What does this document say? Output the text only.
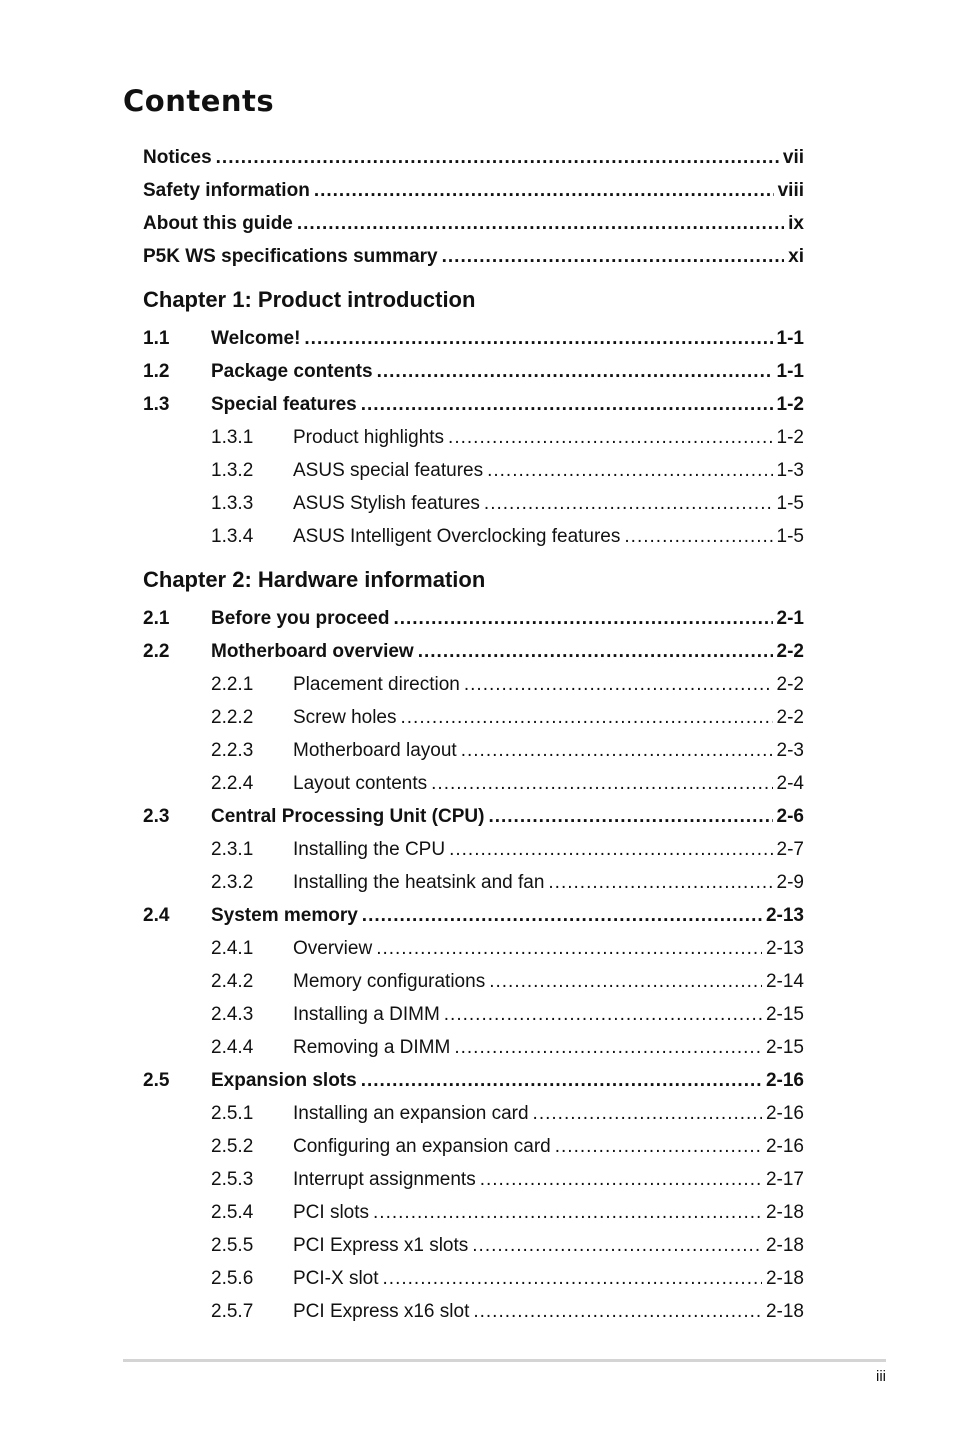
Contents
Notices .....	vii
Safety information .....	viii
About this guide .....	ix
P5K WS specifications summary .....	xi
Chapter 1: Product introduction
1.1	Welcome! .....	1-1
1.2	Package contents .....	1-1
1.3	Special features .....	1-2
1.3.1	Product highlights .....	1-2
1.3.2	ASUS special features .....	1-3
1.3.3	ASUS Stylish features .....	1-5
1.3.4	ASUS Intelligent Overclocking features .....	1-5
Chapter 2: Hardware information
2.1	Before you proceed .....	2-1
2.2	Motherboard overview .....	2-2
2.2.1	Placement direction .....	2-2
2.2.2	Screw holes .....	2-2
2.2.3	Motherboard layout .....	2-3
2.2.4	Layout contents .....	2-4
2.3	Central Processing Unit (CPU) .....	2-6
2.3.1	Installing the CPU .....	2-7
2.3.2	Installing the heatsink and fan .....	2-9
2.4	System memory .....	2-13
2.4.1	Overview .....	2-13
2.4.2	Memory configurations .....	2-14
2.4.3	Installing a DIMM .....	2-15
2.4.4	Removing a DIMM .....	2-15
2.5	Expansion slots .....	2-16
2.5.1	Installing an expansion card .....	2-16
2.5.2	Configuring an expansion card .....	2-16
2.5.3	Interrupt assignments .....	2-17
2.5.4	PCI slots .....	2-18
2.5.5	PCI Express x1 slots .....	2-18
2.5.6	PCI-X slot .....	2-18
2.5.7	PCI Express x16 slot .....	2-18
iii
